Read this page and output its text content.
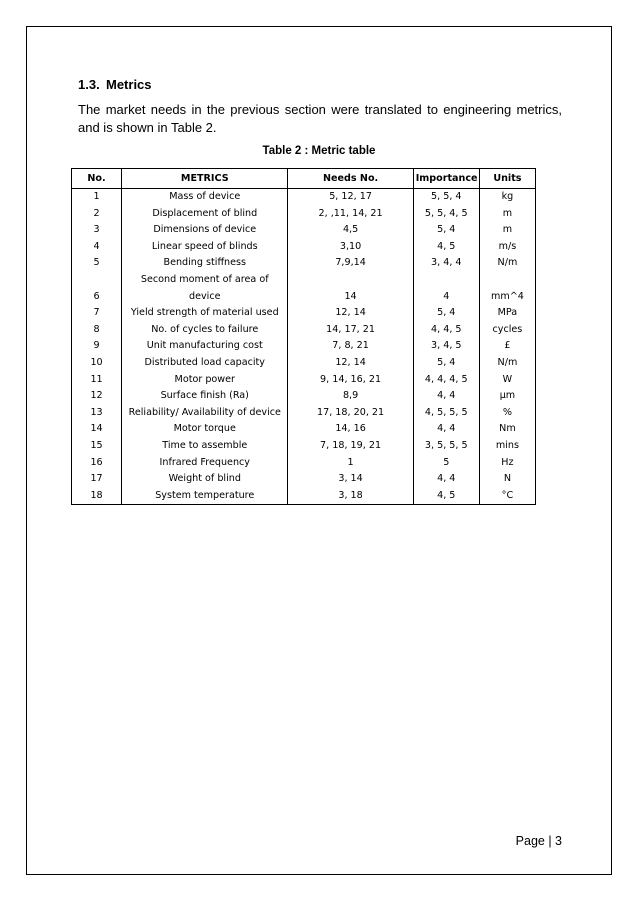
1.3. Metrics

The market needs in the previous section were translated to engineering metrics, and is shown in Table 2.

Table 2 : Metric table
No.	METRICS	Needs No.	Importance	Units
1	Mass of device	5, 12, 17	5, 5, 4	kg
2	Displacement of blind	2, ,11, 14, 21	5, 5, 4, 5	m
3	Dimensions of device	4,5	5, 4	m
4	Linear speed of blinds	3,10	4, 5	m/s
5	Bending stiffness	7,9,14	3, 4, 4	N/m
6	Second moment of area of device	14	4	mm^4
7	Yield strength of material used	12, 14	5, 4	MPa
8	No. of cycles to failure	14, 17, 21	4, 4, 5	cycles
9	Unit manufacturing cost	7, 8, 21	3, 4, 5	£
10	Distributed load capacity	12, 14	5, 4	N/m
11	Motor power	9, 14, 16, 21	4, 4, 4, 5	W
12	Surface finish (Ra)	8,9	4, 4	µm
13	Reliability/ Availability of device	17, 18, 20, 21	4, 5, 5, 5	%
14	Motor torque	14, 16	4, 4	Nm
15	Time to assemble	7, 18, 19, 21	3, 5, 5, 5	mins
16	Infrared Frequency	1	5	Hz
17	Weight of blind	3, 14	4, 4	N
18	System temperature	3, 18	4, 5	°C
Page | 3
